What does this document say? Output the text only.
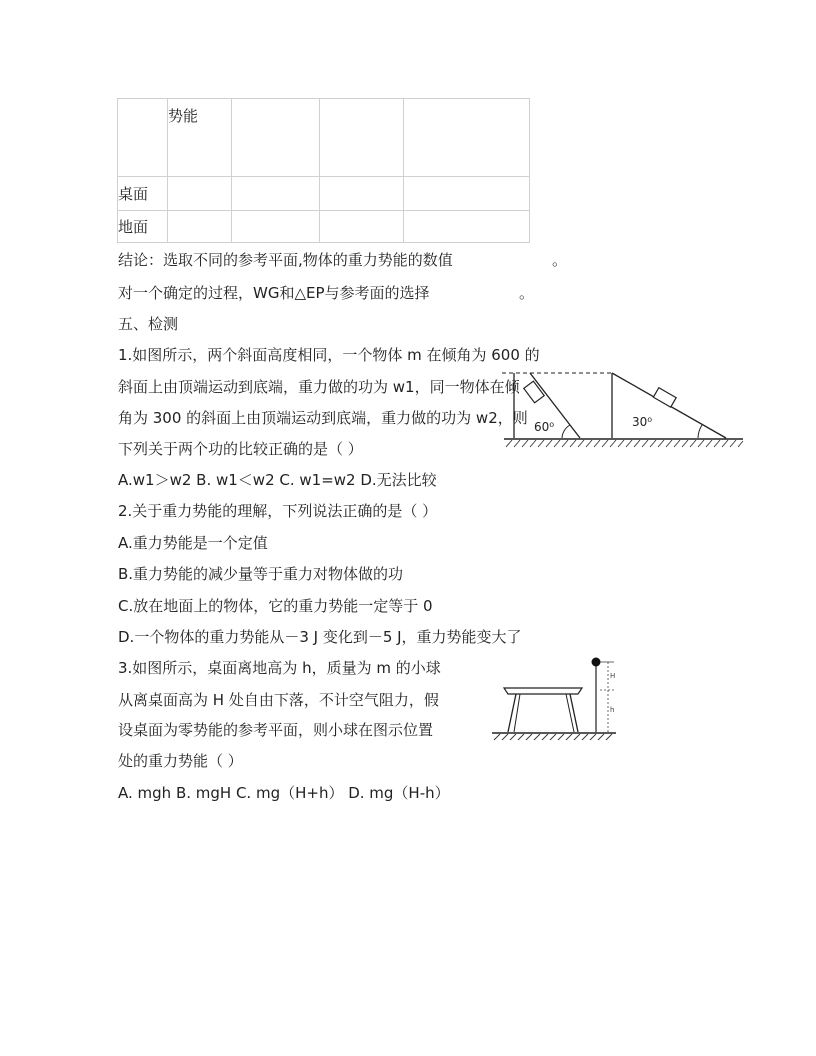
	势能			
桌面				
地面				
结论：选取不同的参考平面,物体的重力势能的数值	。
对一个确定的过程，WG和△EP与参考面的选择	。
五、检测
1.如图所示，两个斜面高度相同，一个物体 m 在倾角为 600 的
斜面上由顶端运动到底端，重力做的功为 w1，同一物体在倾
角为 300 的斜面上由顶端运动到底端，重力做的功为 w2，则
下列关于两个功的比较正确的是（ ）
A.w1＞w2 B. w1＜w2 C. w1=w2 D.无法比较
60⁰	30⁰
2.关于重力势能的理解，下列说法正确的是（ ）
A.重力势能是一个定值
B.重力势能的减少量等于重力对物体做的功
C.放在地面上的物体，它的重力势能一定等于 0
D.一个物体的重力势能从－3 J 变化到－5 J，重力势能变大了
3.如图所示，桌面离地高为 h，质量为 m 的小球
从离桌面高为 H 处自由下落，不计空气阻力，假
设桌面为零势能的参考平面，则小球在图示位置
处的重力势能（ ）
A. mgh B. mgH C. mg（H+h） D. mg（H-h）
H
h
